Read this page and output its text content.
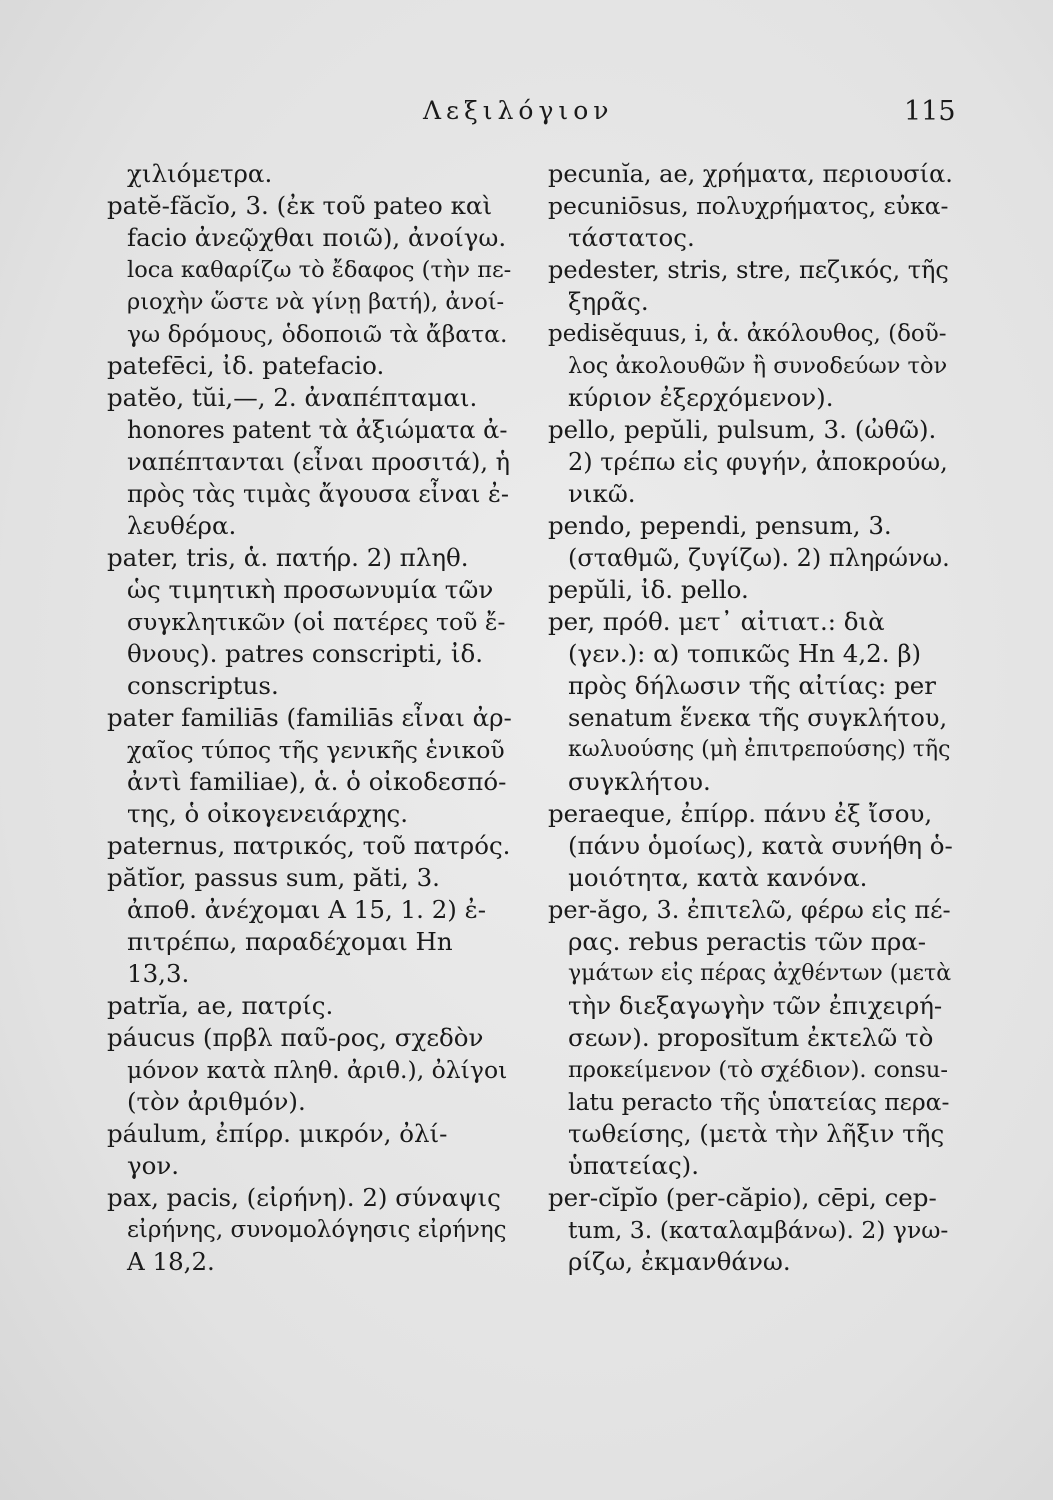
Λεξιλόγιον	115
χιλιόμετρα.
patĕ-făcĭo, 3. (ἐκ τοῦ pateo καὶ
facio ἀνεῷχθαι ποιῶ), ἀνοίγω.
loca καθαρίζω τὸ ἔδαφος (τὴν πε-
ριοχὴν ὥστε νὰ γίνῃ βατή), ἀνοί-
γω δρόμους, ὁδοποιῶ τὰ ἄβατα.
patefēci, ἰδ. patefacio.
patĕo, tŭi,—, 2. ἀναπέπταμαι.
honores patent τὰ ἀξιώματα ἀ-
ναπέπτανται (εἶναι προσιτά), ἡ
πρὸς τὰς τιμὰς ἄγουσα εἶναι ἐ-
λευθέρα.
pater, tris, ἁ. πατήρ. 2) πληθ.
ὡς τιμητικὴ προσωνυμία τῶν
συγκλητικῶν (οἱ πατέρες τοῦ ἔ-
θνους). patres conscripti, ἰδ.
conscriptus.
pater familiās (familiās εἶναι ἀρ-
χαῖος τύπος τῆς γενικῆς ἑνικοῦ
ἀντὶ familiae), ἁ. ὁ οἰκοδεσπό-
της, ὁ οἰκογενειάρχης.
paternus, πατρικός, τοῦ πατρός.
pătĭor, passus sum, păti, 3.
ἀποθ. ἀνέχομαι A 15, 1. 2) ἐ-
πιτρέπω, παραδέχομαι Hn
13,3.
patrĭa, ae, πατρίς.
páucus (πρβλ παῦ-ρος, σχεδὸν
μόνον κατὰ πληθ. ἀριθ.), ὀλίγοι
(τὸν ἀριθμόν).
páulum, ἐπίρρ. μικρόν, ὀλί-
γον.
pax, pacis, (εἰρήνη). 2) σύναψις
εἰρήνης, συνομολόγησις εἰρήνης
A 18,2.
pecunĭa, ae, χρήματα, περιουσία.
pecuniōsus, πολυχρήματος, εὐκα-
τάστατος.
pedester, stris, stre, πεζικός, τῆς
ξηρᾶς.
pedisĕquus, i, ἁ. ἀκόλουθος, (δοῦ-
λος ἀκολουθῶν ἢ συνοδεύων τὸν
κύριον ἐξερχόμενον).
pello, pepŭli, pulsum, 3. (ὠθῶ).
2) τρέπω εἰς φυγήν, ἀποκρούω,
νικῶ.
pendo, pependi, pensum, 3.
(σταθμῶ, ζυγίζω). 2) πληρώνω.
pepŭli, ἰδ. pello.
per, πρόθ. μετ᾽ αἰτιατ.: διὰ
(γεν.): α) τοπικῶς Hn 4,2. β)
πρὸς δήλωσιν τῆς αἰτίας: per
senatum ἕνεκα τῆς συγκλήτου,
κωλυούσης (μὴ ἐπιτρεπούσης) τῆς
συγκλήτου.
peraeque, ἐπίρρ. πάνυ ἐξ ἴσου,
(πάνυ ὁμοίως), κατὰ συνήθη ὁ-
μοιότητα, κατὰ κανόνα.
per-ăgo, 3. ἐπιτελῶ, φέρω εἰς πέ-
ρας. rebus peractis τῶν πρα-
γμάτων εἰς πέρας ἀχθέντων (μετὰ
τὴν διεξαγωγὴν τῶν ἐπιχειρή-
σεων). proposĭtum ἐκτελῶ τὸ
προκείμενον (τὸ σχέδιον). consu-
latu peracto τῆς ὑπατείας περα-
τωθείσης, (μετὰ τὴν λῆξιν τῆς
ὑπατείας).
per-cĭpĭo (per-căpio), cēpi, cep-
tum, 3. (καταλαμβάνω). 2) γνω-
ρίζω, ἐκμανθάνω.
